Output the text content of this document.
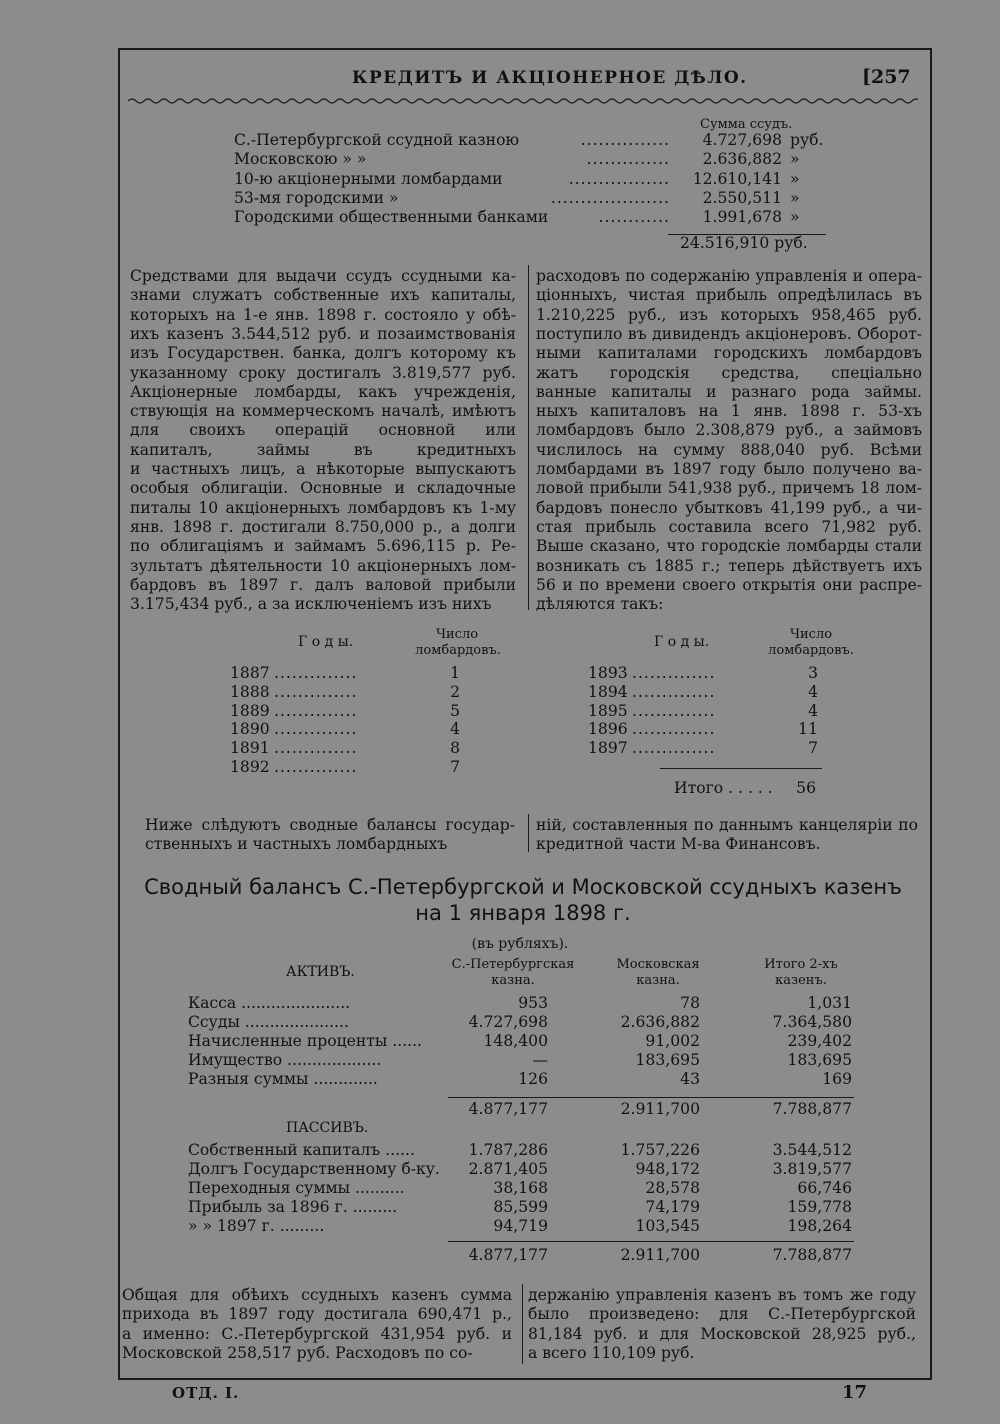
КРЕДИТЪ И АКЦІОНЕРНОЕ ДѢЛО.	[257
Сумма ссудъ.
С.-Петербургской ссудной казною	...............	4.727,698 руб.
Московскою » »	..............	2.636,882 »
10-ю акціонерными ломбардами	.................	12.610,141 »
53-мя городскими »	....................	2.550,511 »
Городскими общественными банками	............	1.991,678 »
24.516,910 руб.
Средствами для выдачи ссудъ ссудными ка-
знами служатъ собственные ихъ капиталы,
которыхъ на 1-е янв. 1898 г. состояло у обѣ-
ихъ казенъ 3.544,512 руб. и позаимствованія
изъ Государствен. банка, долгъ которому къ
указанному сроку достигалъ 3.819,577 руб.
Акціонерные ломбарды, какъ учрежденія,
ствующія на коммерческомъ началѣ, имѣютъ
для своихъ операцій основной или
капиталъ, займы въ кредитныхъ
и частныхъ лицъ, а нѣкоторые выпускаютъ
особыя облигаціи. Основные и складочные
питалы 10 акціонерныхъ ломбардовъ къ 1-му
янв. 1898 г. достигали 8.750,000 р., а долги
по облигаціямъ и займамъ 5.696,115 р. Ре-
зультатъ дѣятельности 10 акціонерныхъ лом-
бардовъ въ 1897 г. далъ валовой прибыли
3.175,434 руб., а за исключеніемъ изъ нихъ
расходовъ по содержанію управленія и опера-
ціонныхъ, чистая прибыль опредѣлилась въ
1.210,225 руб., изъ которыхъ 958,465 руб.
поступило въ дивидендъ акціонеровъ. Оборот-
ными капиталами городскихъ ломбардовъ
жатъ городскія средства, спеціально
ванные капиталы и разнаго рода займы.
ныхъ капиталовъ на 1 янв. 1898 г. 53-хъ
ломбардовъ было 2.308,879 руб., а займовъ
числилось на сумму 888,040 руб. Всѣми
ломбардами въ 1897 году было получено ва-
ловой прибыли 541,938 руб., причемъ 18 лом-
бардовъ понесло убытковъ 41,199 руб., а чи-
стая прибыль составила всего 71,982 руб.
Выше сказано, что городскіе ломбарды стали
возникать съ 1885 г.; теперь дѣйствуетъ ихъ
56 и по времени своего открытія они распре-
дѣляются такъ:
Г о д ы.	Число
ломбардовъ.
Г о д ы.	Число
ломбардовъ.
1887 ..............	1
1888 ..............	2
1889 ..............	5
1890 ..............	4
1891 ..............	8
1892 ..............	7
1893 ..............	3
1894 ..............	4
1895 ..............	4
1896 ..............	11
1897 ..............	7
Итого . . . . .	56
Ниже слѣдуютъ сводные балансы государ-
ственныхъ и частныхъ ломбардныхъ
ній, составленныя по даннымъ канцеляріи по
кредитной части М-ва Финансовъ.
Сводный балансъ С.-Петербургской и Московской ссудныхъ казенъ
на 1 января 1898 г.
(въ рубляхъ).
АКТИВЪ.	С.-Петербургская
казна.
Московская
казна.
Итого 2-хъ
казенъ.
Касса ......................	953	78	1,031
Ссуды .....................	4.727,698	2.636,882	7.364,580
Начисленные проценты ......	148,400	91,002	239,402
Имущество ...................	—	183,695	183,695
Разныя суммы .............	126	43	169
4.877,177	2.911,700	7.788,877
ПАССИВЪ.
Собственный капиталъ ......	1.787,286	1.757,226	3.544,512
Долгъ Государственному б-ку.	2.871,405	948,172	3.819,577
Переходныя суммы ..........	38,168	28,578	66,746
Прибыль за 1896 г. .........	85,599	74,179	159,778
» » 1897 г. .........	94,719	103,545	198,264
4.877,177	2.911,700	7.788,877
Общая для обѣихъ ссудныхъ казенъ сумма
прихода въ 1897 году достигала 690,471 р.,
а именно: С.-Петербургской 431,954 руб. и
Московской 258,517 руб. Расходовъ по со-
держанію управленія казенъ въ томъ же году
было произведено: для С.-Петербургской
81,184 руб. и для Московской 28,925 руб.,
а всего 110,109 руб.
ОТД. I.	17
